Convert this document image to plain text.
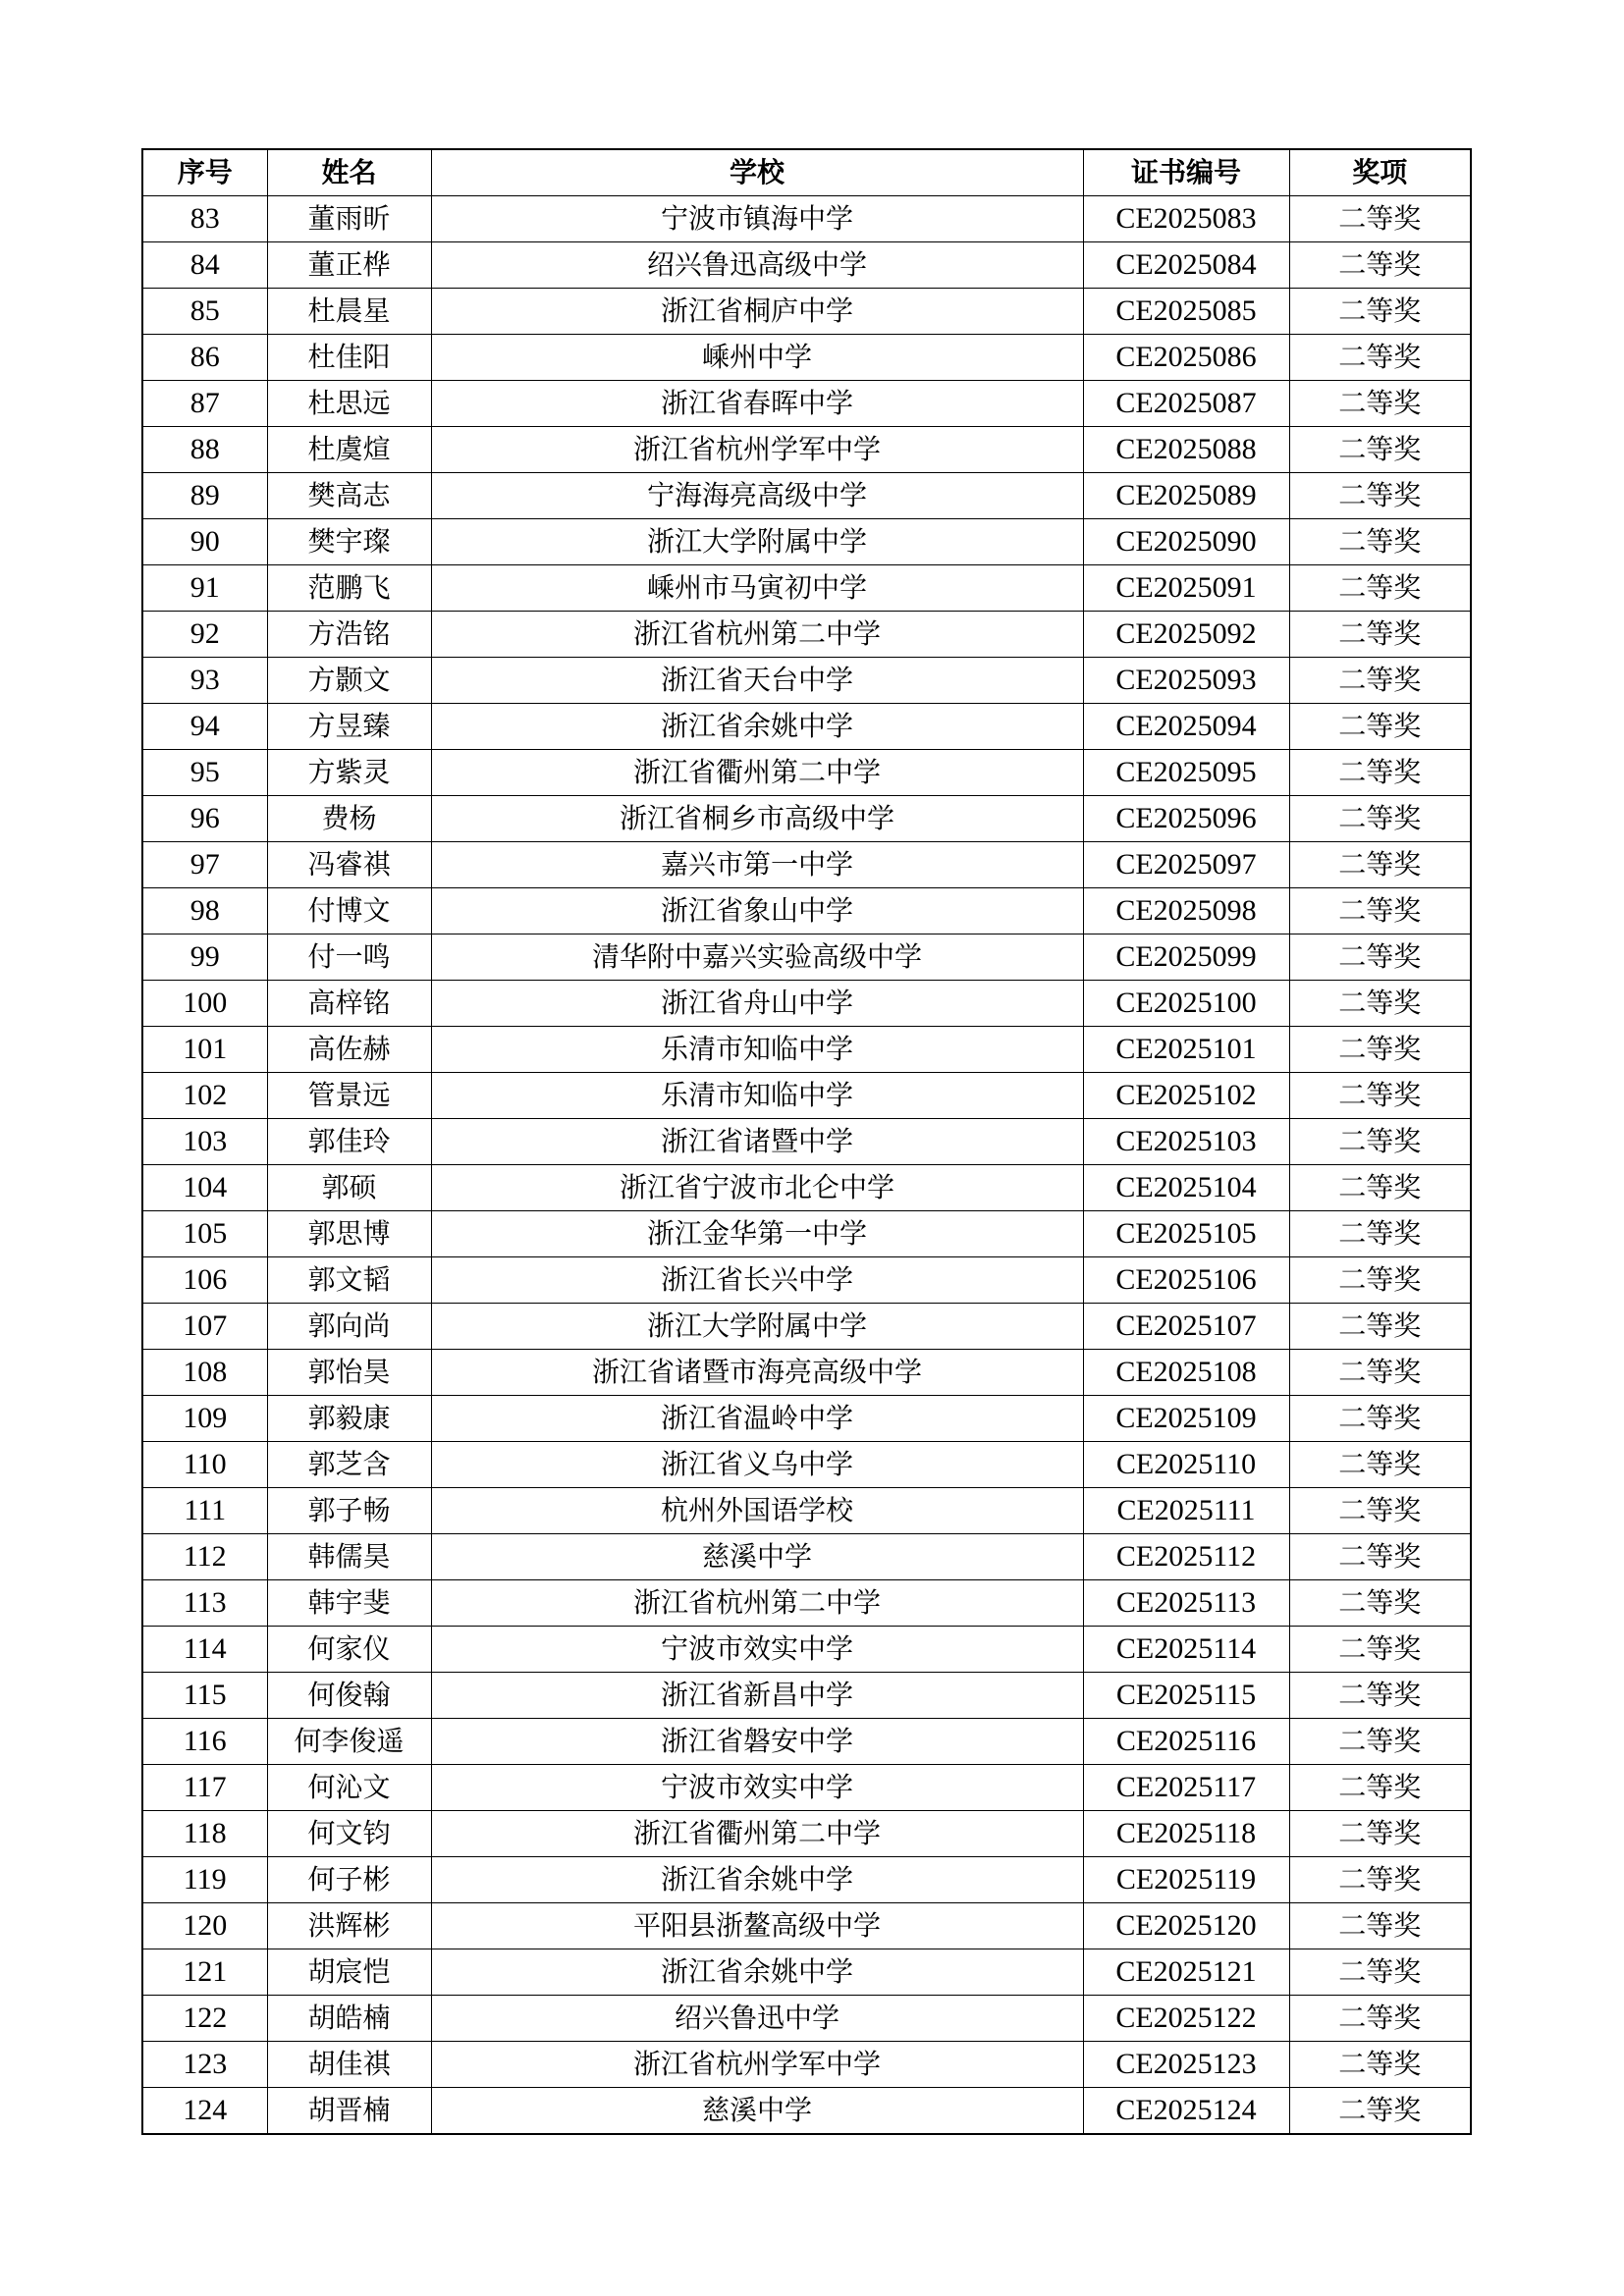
序号	姓名	学校	证书编号	奖项
83	董雨昕	宁波市镇海中学	CE2025083	二等奖
84	董正桦	绍兴鲁迅高级中学	CE2025084	二等奖
85	杜晨星	浙江省桐庐中学	CE2025085	二等奖
86	杜佳阳	嵊州中学	CE2025086	二等奖
87	杜思远	浙江省春晖中学	CE2025087	二等奖
88	杜虞煊	浙江省杭州学军中学	CE2025088	二等奖
89	樊高志	宁海海亮高级中学	CE2025089	二等奖
90	樊宇璨	浙江大学附属中学	CE2025090	二等奖
91	范鹏飞	嵊州市马寅初中学	CE2025091	二等奖
92	方浩铭	浙江省杭州第二中学	CE2025092	二等奖
93	方颢文	浙江省天台中学	CE2025093	二等奖
94	方昱臻	浙江省余姚中学	CE2025094	二等奖
95	方紫灵	浙江省衢州第二中学	CE2025095	二等奖
96	费杨	浙江省桐乡市高级中学	CE2025096	二等奖
97	冯睿祺	嘉兴市第一中学	CE2025097	二等奖
98	付博文	浙江省象山中学	CE2025098	二等奖
99	付一鸣	清华附中嘉兴实验高级中学	CE2025099	二等奖
100	高梓铭	浙江省舟山中学	CE2025100	二等奖
101	高佐赫	乐清市知临中学	CE2025101	二等奖
102	管景远	乐清市知临中学	CE2025102	二等奖
103	郭佳玲	浙江省诸暨中学	CE2025103	二等奖
104	郭硕	浙江省宁波市北仑中学	CE2025104	二等奖
105	郭思博	浙江金华第一中学	CE2025105	二等奖
106	郭文韬	浙江省长兴中学	CE2025106	二等奖
107	郭向尚	浙江大学附属中学	CE2025107	二等奖
108	郭怡昊	浙江省诸暨市海亮高级中学	CE2025108	二等奖
109	郭毅康	浙江省温岭中学	CE2025109	二等奖
110	郭芝含	浙江省义乌中学	CE2025110	二等奖
111	郭子畅	杭州外国语学校	CE2025111	二等奖
112	韩儒昊	慈溪中学	CE2025112	二等奖
113	韩宇斐	浙江省杭州第二中学	CE2025113	二等奖
114	何家仪	宁波市效实中学	CE2025114	二等奖
115	何俊翰	浙江省新昌中学	CE2025115	二等奖
116	何李俊遥	浙江省磐安中学	CE2025116	二等奖
117	何沁文	宁波市效实中学	CE2025117	二等奖
118	何文钧	浙江省衢州第二中学	CE2025118	二等奖
119	何子彬	浙江省余姚中学	CE2025119	二等奖
120	洪辉彬	平阳县浙鳌高级中学	CE2025120	二等奖
121	胡宸恺	浙江省余姚中学	CE2025121	二等奖
122	胡皓楠	绍兴鲁迅中学	CE2025122	二等奖
123	胡佳祺	浙江省杭州学军中学	CE2025123	二等奖
124	胡晋楠	慈溪中学	CE2025124	二等奖
